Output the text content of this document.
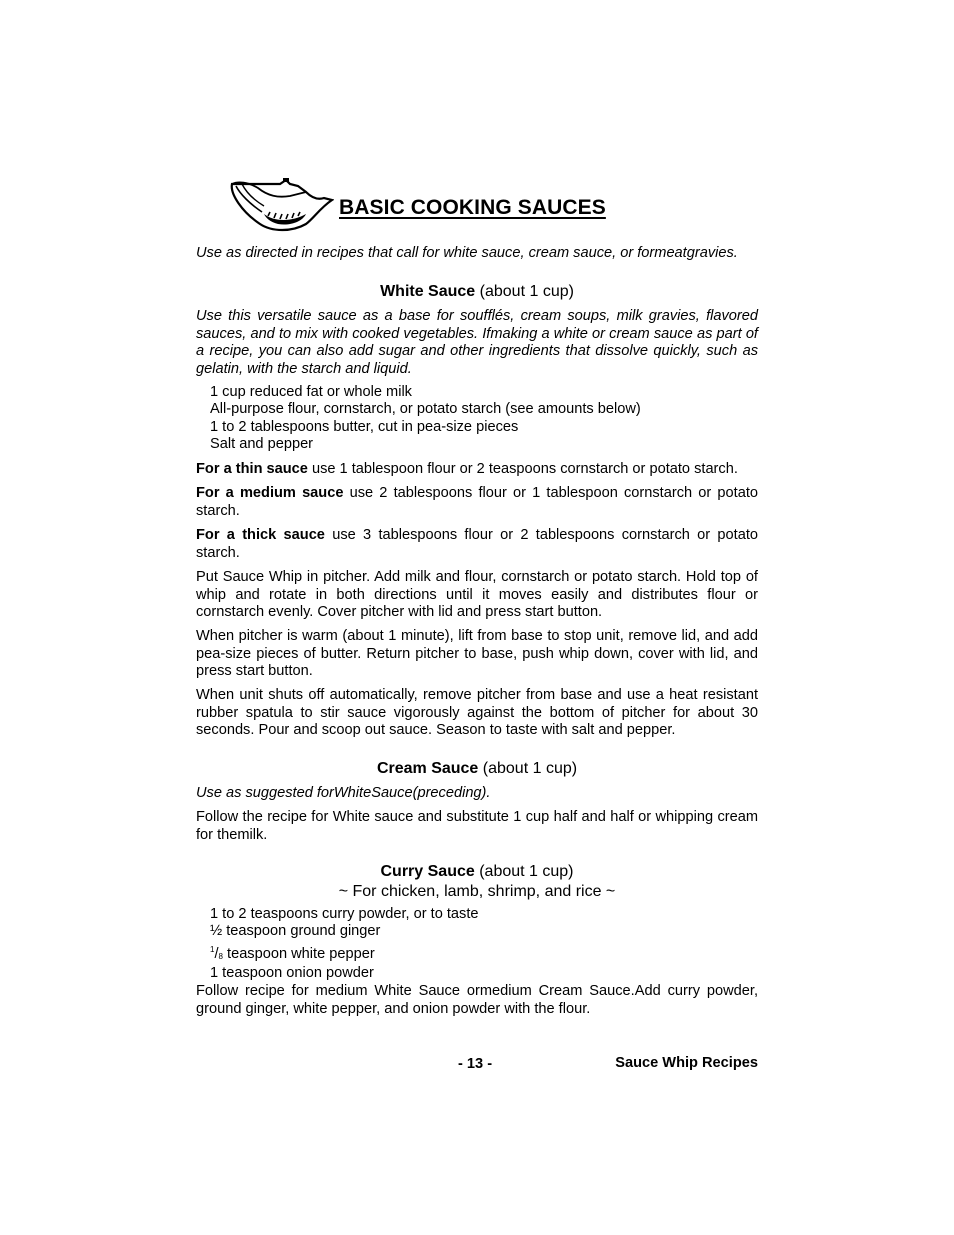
BASIC COOKING SAUCES
Use as directed in recipes that call for white sauce, cream sauce, or formeatgravies.
White Sauce (about 1 cup)
Use this versatile sauce as a base for soufflés, cream soups, milk gravies, flavored sauces, and to mix with cooked vegetables. Ifmaking a white or cream sauce as part of a recipe, you can also add sugar and other ingredients that dissolve quickly, such as gelatin, with the starch and liquid.
1 cup reduced fat or whole milk
All-purpose flour, cornstarch, or potato starch (see amounts below)
1 to 2 tablespoons butter, cut in pea-size pieces
Salt and pepper
For a thin sauce use 1 tablespoon flour or 2 teaspoons cornstarch or potato starch.
For a medium sauce use 2 tablespoons flour or 1 tablespoon cornstarch or potato starch.
For a thick sauce use 3 tablespoons flour or 2 tablespoons cornstarch or potato starch.
Put Sauce Whip in pitcher. Add milk and flour, cornstarch or potato starch. Hold top of whip and rotate in both directions until it moves easily and distributes flour or cornstarch evenly. Cover pitcher with lid and press start button.
When pitcher is warm (about 1 minute), lift from base to stop unit, remove lid, and add pea-size pieces of butter. Return pitcher to base, push whip down, cover with lid, and press start button.
When unit shuts off automatically, remove pitcher from base and use a heat resistant rubber spatula to stir sauce vigorously against the bottom of pitcher for about 30 seconds. Pour and scoop out sauce. Season to taste with salt and pepper.
Cream Sauce (about 1 cup)
Use as suggested forWhiteSauce(preceding).
Follow the recipe for White sauce and substitute 1 cup half and half or whipping cream for themilk.
Curry Sauce (about 1 cup)
~ For chicken, lamb, shrimp, and rice ~
1 to 2 teaspoons curry powder, or to taste
½ teaspoon ground ginger
$^1/_8$ teaspoon white pepper
1 teaspoon onion powder
Follow recipe for medium White Sauce ormedium Cream Sauce.Add curry powder, ground ginger, white pepper, and onion powder with the flour.
- 13 -	Sauce Whip Recipes
